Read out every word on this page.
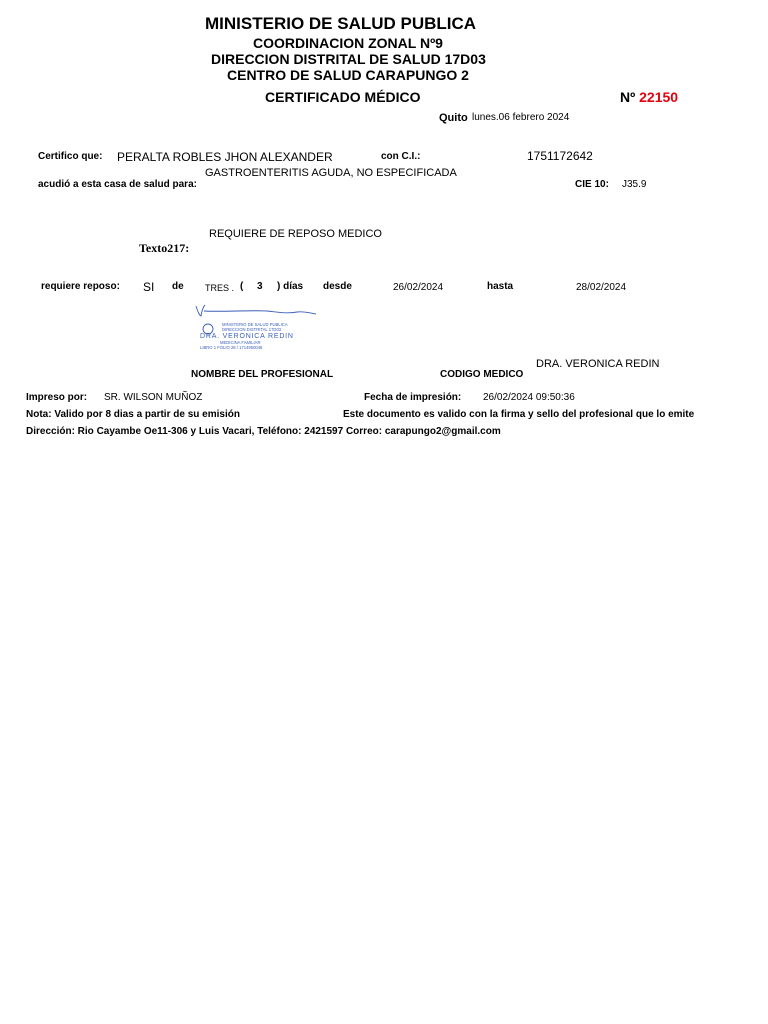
MINISTERIO DE SALUD PUBLICA
COORDINACION ZONAL Nº9
DIRECCION DISTRITAL DE SALUD 17D03
CENTRO DE SALUD CARAPUNGO 2
CERTIFICADO MÉDICO	Nº 22150
Quito lunes.06 febrero 2024
Certifico que: PERALTA ROBLES JHON ALEXANDER	con C.I.:	1751172642
GASTROENTERITIS AGUDA, NO ESPECIFICADA
acudió a esta casa de salud para:	CIE 10: J35.9
REQUIERE DE REPOSO MEDICO
Texto217:
requiere reposo: SI de TRES . ( 3 ) días desde	26/02/2024	hasta	28/02/2024
MINISTERIO DE SALUD PUBLICA
DIRECCION DISTRITAL 17D03
DRA. VERONICA REDIN
MEDICINA FAMILIAR
LIBRO 1 FOLIO 28 / 1714950046
DRA. VERONICA REDIN
NOMBRE DEL PROFESIONAL	CODIGO MEDICO
Impreso por: SR. WILSON MUÑOZ	Fecha de impresión: 26/02/2024 09:50:36
Nota: Valido por 8 dias a partir de su emisión	Este documento es valido con la firma y sello del profesional que lo emite
Dirección: Rio Cayambe Oe11-306 y Luis Vacari, Teléfono: 2421597 Correo: carapungo2@gmail.com
